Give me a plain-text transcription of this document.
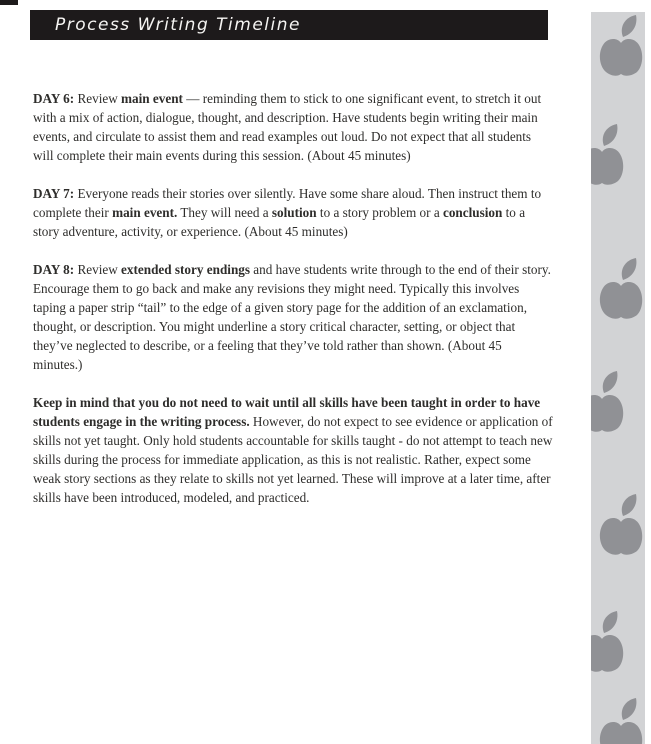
Process Writing Timeline

DAY 6: Review main event — reminding them to stick to one significant event, to stretch it out with a mix of action, dialogue, thought, and description. Have students begin writing their main events, and circulate to assist them and read examples out loud. Do not expect that all students will complete their main events during this session. (About 45 minutes)

DAY 7: Everyone reads their stories over silently. Have some share aloud. Then instruct them to complete their main event. They will need a solution to a story problem or a conclusion to a story adventure, activity, or experience. (About 45 minutes)

DAY 8: Review extended story endings and have students write through to the end of their story. Encourage them to go back and make any revisions they might need. Typically this involves taping a paper strip “tail” to the edge of a given story page for the addition of an exclamation, thought, or description. You might underline a story critical character, setting, or object that they’ve neglected to describe, or a feeling that they’ve told rather than shown. (About 45 minutes.)

Keep in mind that you do not need to wait until all skills have been taught in order to have students engage in the writing process. However, do not expect to see evidence or application of skills not yet taught. Only hold students accountable for skills taught - do not attempt to teach new skills during the process for immediate application, as this is not realistic. Rather, expect some weak story sections as they relate to skills not yet learned. These will improve at a later time, after skills have been introduced, modeled, and practiced.
